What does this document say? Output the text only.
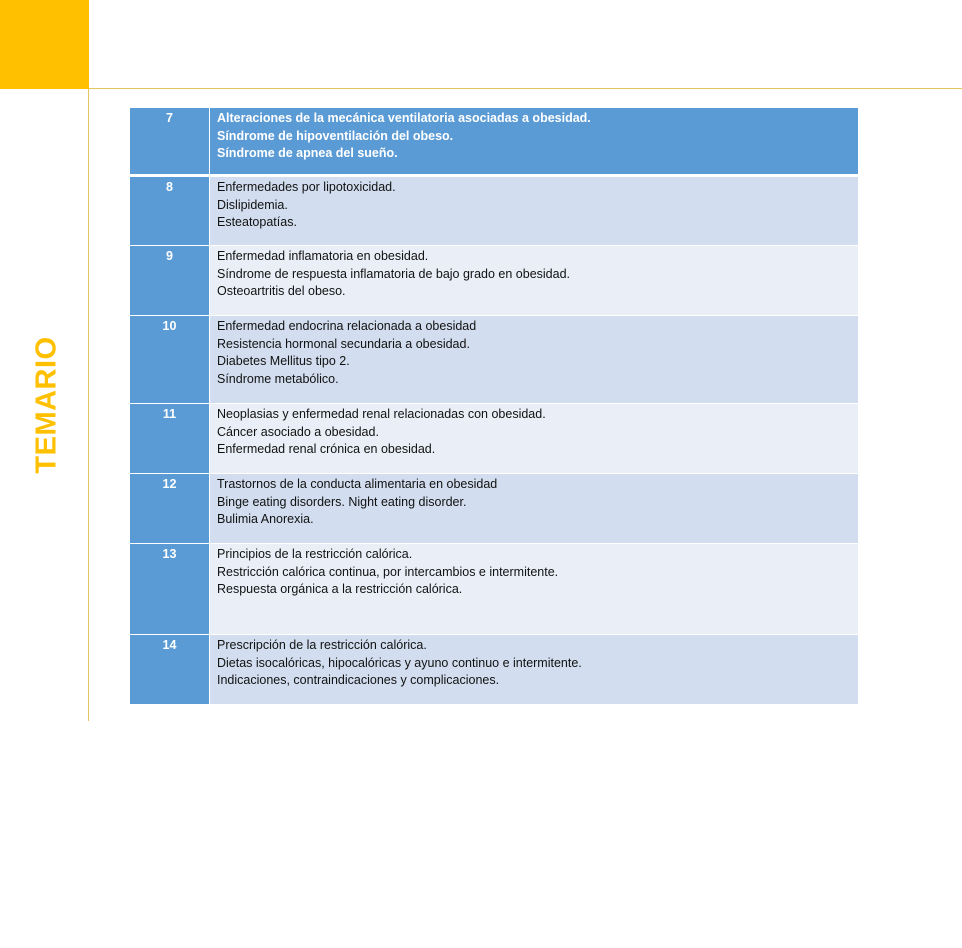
TEMARIO
7	Alteraciones de la mecánica ventilatoria asociadas a obesidad.
Síndrome de hipoventilación del obeso.
Síndrome de apnea del sueño.
8	Enfermedades por lipotoxicidad.
Dislipidemia.
Esteatopatías.
9	Enfermedad inflamatoria en obesidad.
Síndrome de respuesta inflamatoria de bajo grado en obesidad.
Osteoartritis del obeso.
10	Enfermedad endocrina relacionada a obesidad
Resistencia hormonal secundaria a obesidad.
Diabetes Mellitus tipo 2.
Síndrome metabólico.
11	Neoplasias y enfermedad renal relacionadas con obesidad.
Cáncer asociado a obesidad.
Enfermedad renal crónica en obesidad.
12	Trastornos de la conducta alimentaria en obesidad
Binge eating disorders. Night eating disorder.
Bulimia Anorexia.
13	Principios de la restricción calórica.
Restricción calórica continua, por intercambios e intermitente.
Respuesta orgánica a la restricción calórica.
14	Prescripción de la restricción calórica.
Dietas isocalóricas, hipocalóricas y ayuno continuo e intermitente.
Indicaciones, contraindicaciones y complicaciones.
